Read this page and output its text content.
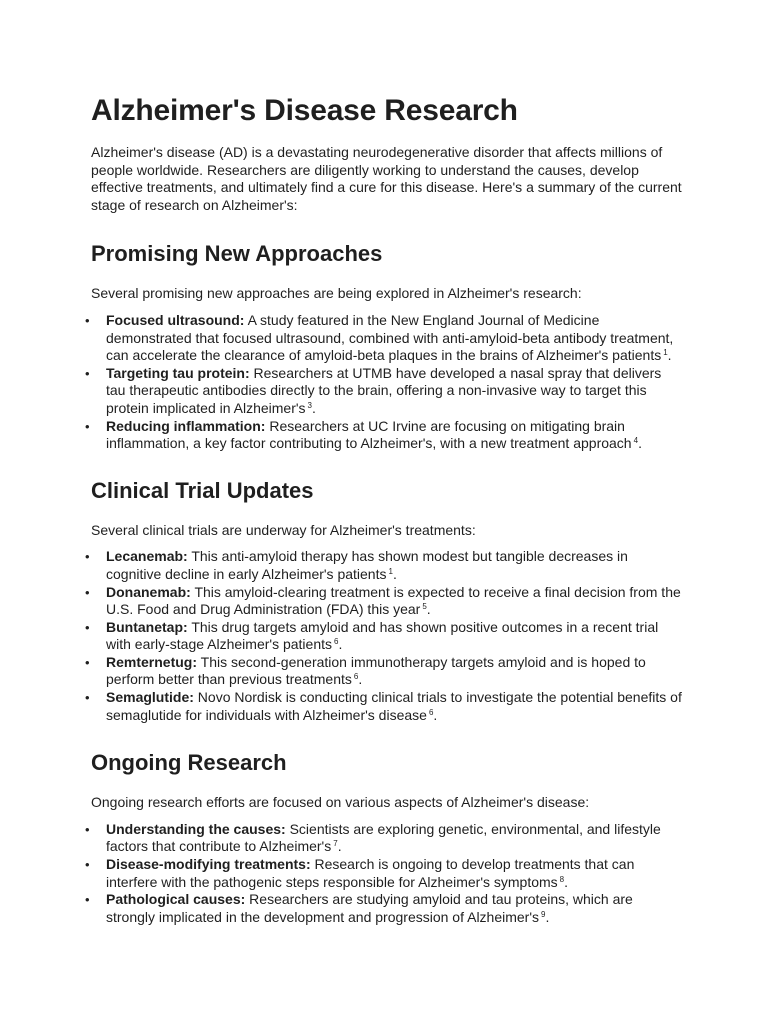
Alzheimer's Disease Research

Alzheimer's disease (AD) is a devastating neurodegenerative disorder that affects millions of people worldwide. Researchers are diligently working to understand the causes, develop effective treatments, and ultimately find a cure for this disease. Here's a summary of the current stage of research on Alzheimer's:

Promising New Approaches

Several promising new approaches are being explored in Alzheimer's research:

• Focused ultrasound: A study featured in the New England Journal of Medicine demonstrated that focused ultrasound, combined with anti-amyloid-beta antibody treatment, can accelerate the clearance of amyloid-beta plaques in the brains of Alzheimer's patients $^1$.
• Targeting tau protein: Researchers at UTMB have developed a nasal spray that delivers tau therapeutic antibodies directly to the brain, offering a non-invasive way to target this protein implicated in Alzheimer's $^3$.
• Reducing inflammation: Researchers at UC Irvine are focusing on mitigating brain inflammation, a key factor contributing to Alzheimer's, with a new treatment approach $^4$.
Clinical Trial Updates

Several clinical trials are underway for Alzheimer's treatments:

• Lecanemab: This anti-amyloid therapy has shown modest but tangible decreases in cognitive decline in early Alzheimer's patients $^1$.
• Donanemab: This amyloid-clearing treatment is expected to receive a final decision from the U.S. Food and Drug Administration (FDA) this year $^5$.
• Buntanetap: This drug targets amyloid and has shown positive outcomes in a recent trial with early-stage Alzheimer's patients $^6$.
• Remternetug: This second-generation immunotherapy targets amyloid and is hoped to perform better than previous treatments $^6$.
• Semaglutide: Novo Nordisk is conducting clinical trials to investigate the potential benefits of semaglutide for individuals with Alzheimer's disease $^6$.
Ongoing Research

Ongoing research efforts are focused on various aspects of Alzheimer's disease:

• Understanding the causes: Scientists are exploring genetic, environmental, and lifestyle factors that contribute to Alzheimer's $^7$.
• Disease-modifying treatments: Research is ongoing to develop treatments that can interfere with the pathogenic steps responsible for Alzheimer's symptoms $^8$.
• Pathological causes: Researchers are studying amyloid and tau proteins, which are strongly implicated in the development and progression of Alzheimer's $^9$.
